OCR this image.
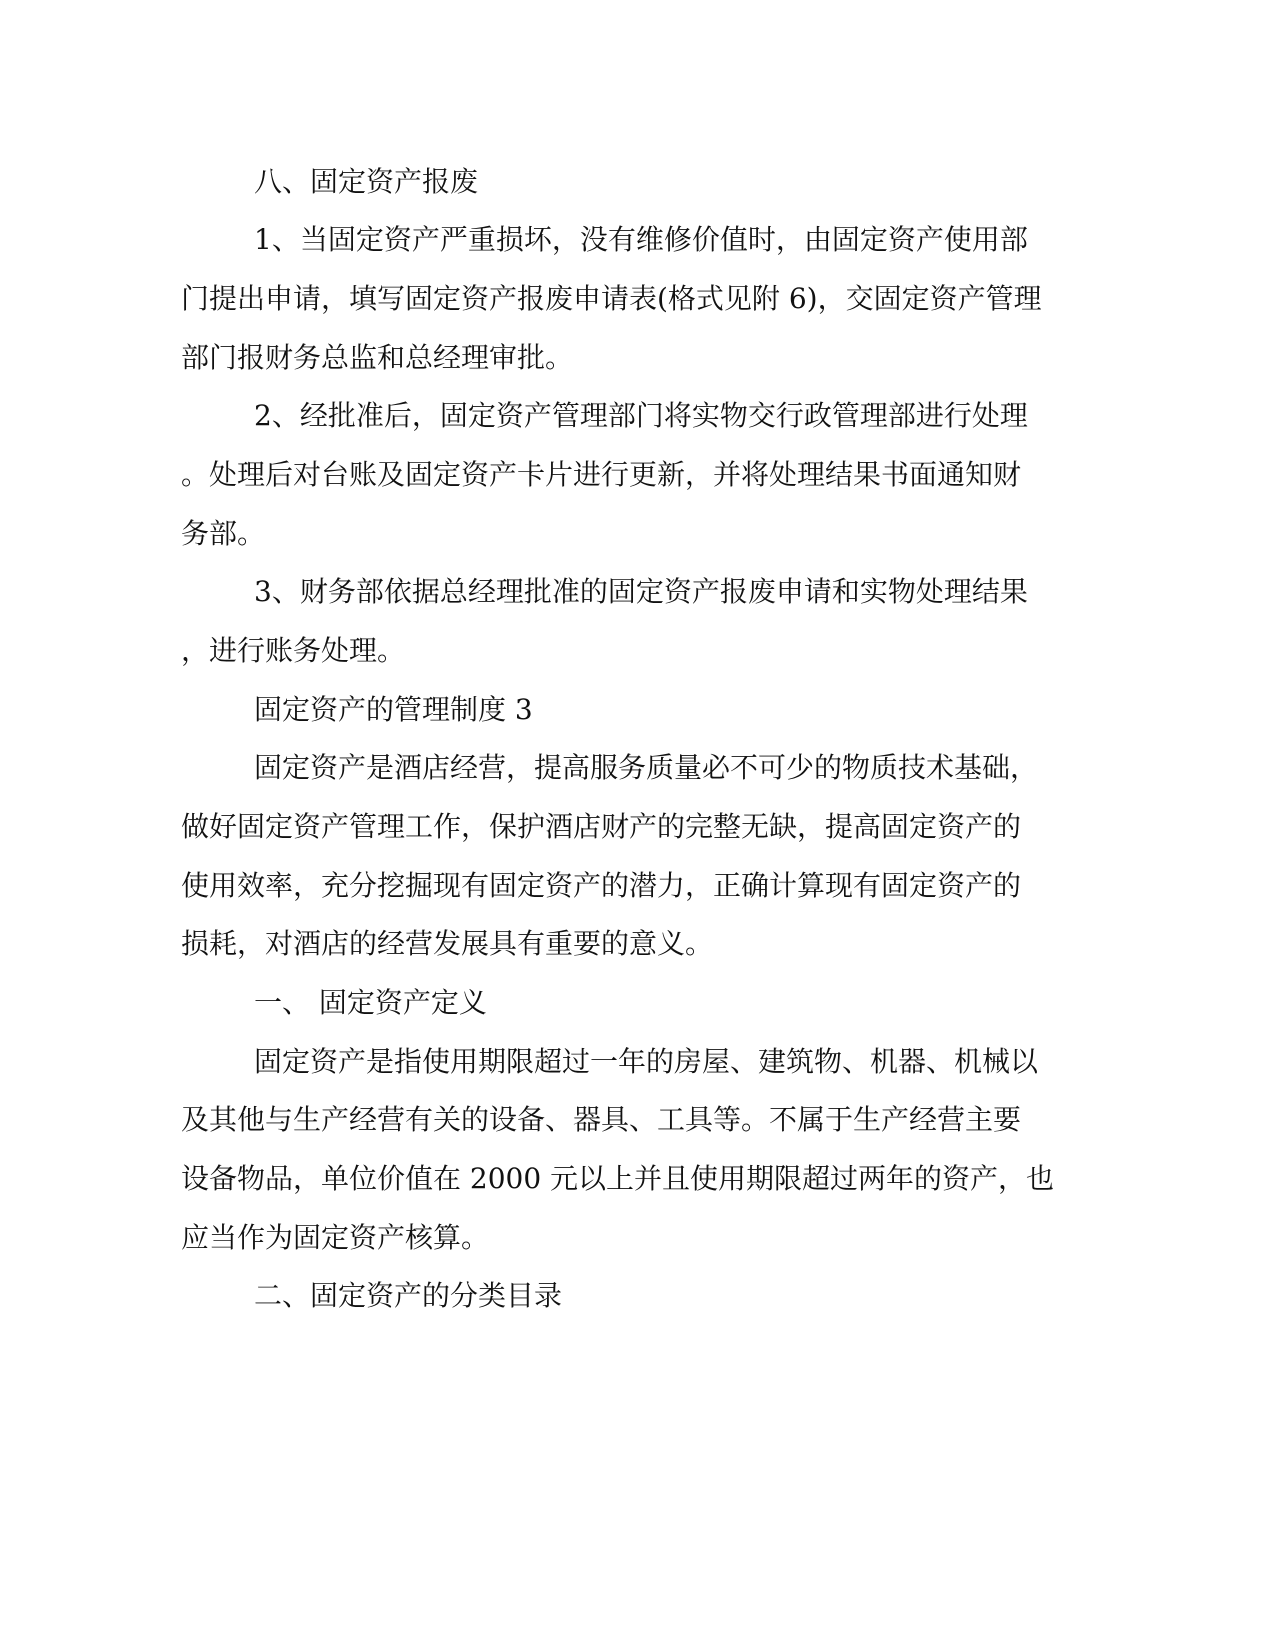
八、固定资产报废
1、当固定资产严重损坏，没有维修价值时，由固定资产使用部
门提出申请，填写固定资产报废申请表(格式见附 6)，交固定资产管理
部门报财务总监和总经理审批。
2、经批准后，固定资产管理部门将实物交行政管理部进行处理
。处理后对台账及固定资产卡片进行更新，并将处理结果书面通知财
务部。
3、财务部依据总经理批准的固定资产报废申请和实物处理结果
，进行账务处理。
固定资产的管理制度 3
固定资产是酒店经营，提高服务质量必不可少的物质技术基础，
做好固定资产管理工作，保护酒店财产的完整无缺，提高固定资产的
使用效率，充分挖掘现有固定资产的潜力，正确计算现有固定资产的
损耗，对酒店的经营发展具有重要的意义。
一、 固定资产定义
固定资产是指使用期限超过一年的房屋、建筑物、机器、机械以
及其他与生产经营有关的设备、器具、工具等。不属于生产经营主要
设备物品，单位价值在 2000 元以上并且使用期限超过两年的资产，也
应当作为固定资产核算。
二、固定资产的分类目录
